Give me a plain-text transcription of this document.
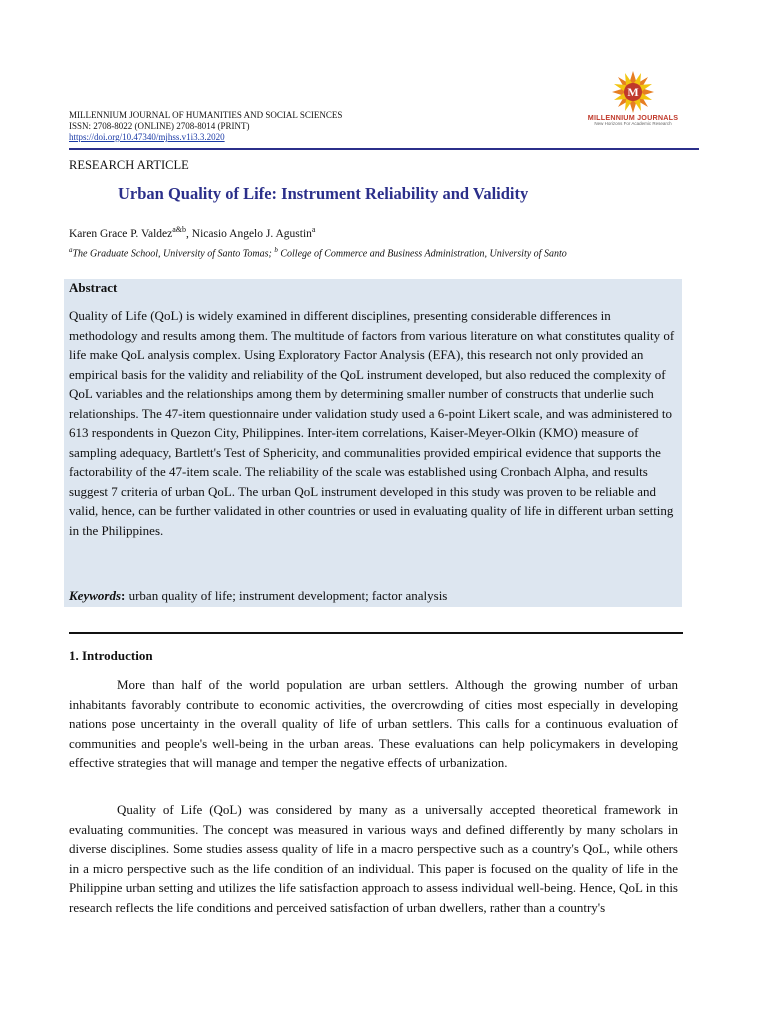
MILLENNIUM JOURNAL OF HUMANITIES AND SOCIAL SCIENCES
ISSN: 2708-8022 (ONLINE) 2708-8014 (PRINT)
https://doi.org/10.47340/mjhss.v1i3.3.2020
M
MILLENNIUM JOURNALS
New Horizons For Academic Research
RESEARCH ARTICLE
Urban Quality of Life: Instrument Reliability and Validity
Karen Grace P. Valdez$^{a\&b}$, Nicasio Angelo J. Agustin$^a$
$^a$The Graduate School, University of Santo Tomas; $^b$ College of Commerce and Business Administration, University of Santo
Abstract
Quality of Life (QoL) is widely examined in different disciplines, presenting considerable differences in methodology and results among them. The multitude of factors from various literature on what constitutes quality of life make QoL analysis complex. Using Exploratory Factor Analysis (EFA), this research not only provided an empirical basis for the validity and reliability of the QoL instrument developed, but also reduced the complexity of QoL variables and the relationships among them by determining smaller number of constructs that underlie such relationships. The 47-item questionnaire under validation study used a 6-point Likert scale, and was administered to 613 respondents in Quezon City, Philippines. Inter-item correlations, Kaiser-Meyer-Olkin (KMO) measure of sampling adequacy, Bartlett's Test of Sphericity, and communalities provided empirical evidence that supports the factorability of the 47-item scale. The reliability of the scale was established using Cronbach Alpha, and results suggest 7 criteria of urban QoL. The urban QoL instrument developed in this study was proven to be reliable and valid, hence, can be further validated in other countries or used in evaluating quality of life in different urban setting in the Philippines.
Keywords: urban quality of life; instrument development; factor analysis
1. Introduction
More than half of the world population are urban settlers. Although the growing number of urban inhabitants favorably contribute to economic activities, the overcrowding of cities most especially in developing nations pose uncertainty in the overall quality of life of urban settlers. This calls for a continuous evaluation of communities and people's well-being in the urban areas. These evaluations can help policymakers in developing effective strategies that will manage and temper the negative effects of urbanization.
Quality of Life (QoL) was considered by many as a universally accepted theoretical framework in evaluating communities. The concept was measured in various ways and defined differently by many scholars in diverse disciplines. Some studies assess quality of life in a macro perspective such as a country's QoL, while others in a micro perspective such as the life condition of an individual. This paper is focused on the quality of life in the Philippine urban setting and utilizes the life satisfaction approach to assess individual well-being. Hence, QoL in this research reflects the life conditions and perceived satisfaction of urban dwellers, rather than a country's
